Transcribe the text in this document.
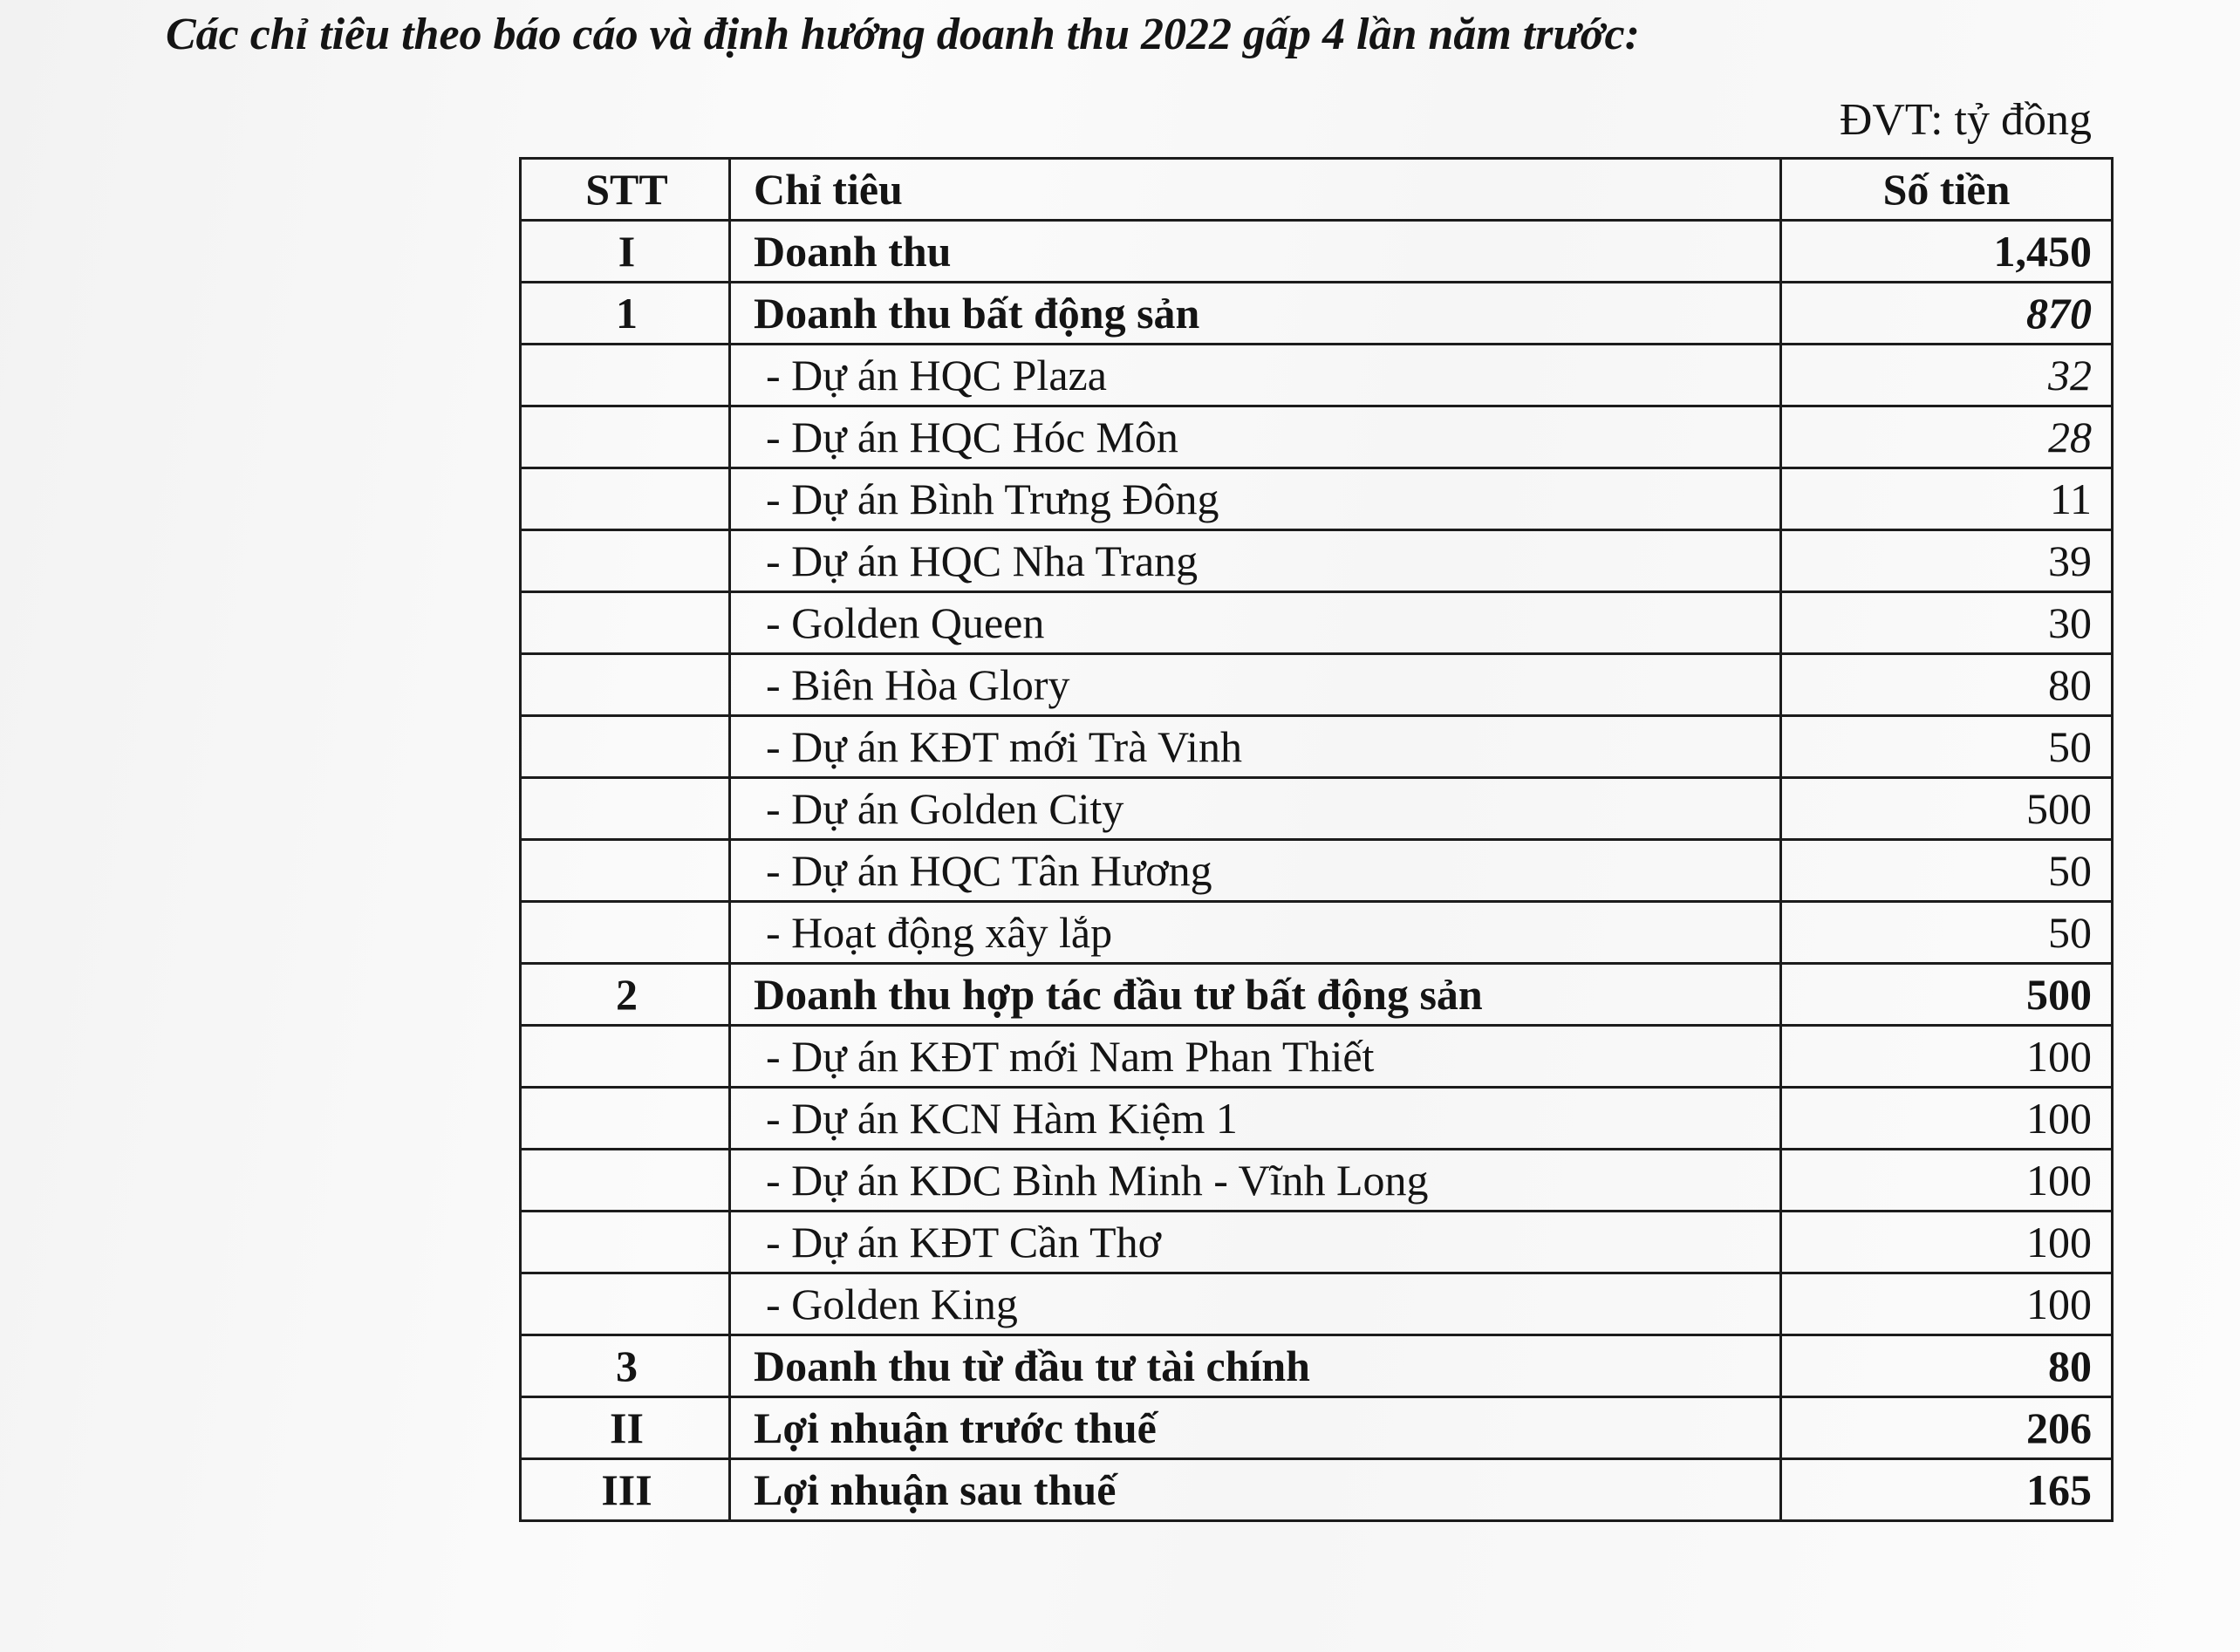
Các chỉ tiêu theo báo cáo và định hướng doanh thu 2022 gấp 4 lần năm trước:
ĐVT: tỷ đồng
STT	Chỉ tiêu	Số tiền
I	Doanh thu	1,450
1	Doanh thu bất động sản	870
	- Dự án HQC Plaza	32
	- Dự án HQC Hóc Môn	28
	- Dự án Bình Trưng Đông	11
	- Dự án HQC Nha Trang	39
	- Golden Queen	30
	- Biên Hòa Glory	80
	- Dự án KĐT mới Trà Vinh	50
	- Dự án Golden City	500
	- Dự án HQC Tân Hương	50
	- Hoạt động xây lắp	50
2	Doanh thu hợp tác đầu tư bất động sản	500
	- Dự án KĐT mới Nam Phan Thiết	100
	- Dự án KCN Hàm Kiệm 1	100
	- Dự án KDC Bình Minh - Vĩnh Long	100
	- Dự án KĐT Cần Thơ	100
	- Golden King	100
3	Doanh thu từ đầu tư tài chính	80
II	Lợi nhuận trước thuế	206
III	Lợi nhuận sau thuế	165
